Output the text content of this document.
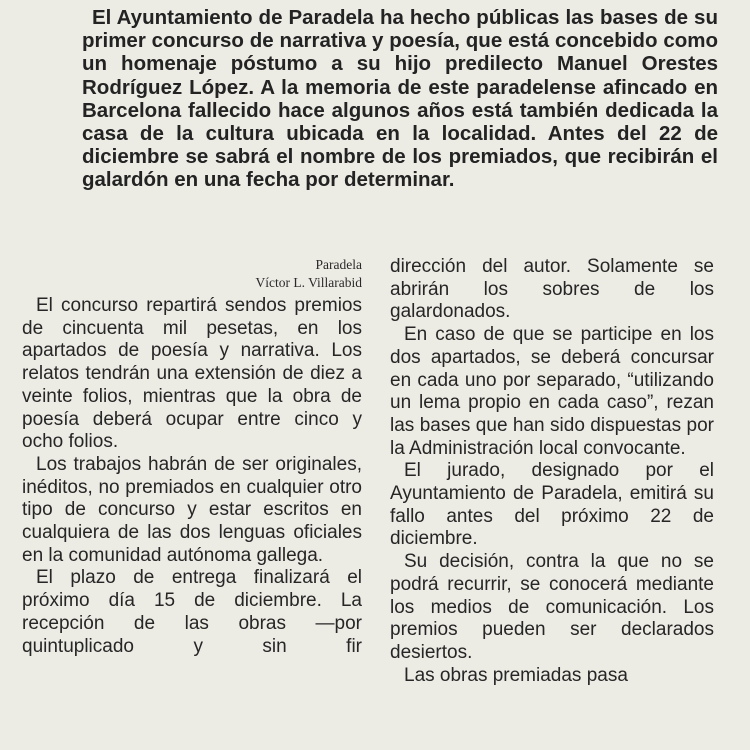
El Ayuntamiento de Paradela ha hecho públicas las bases de su primer concurso de narrativa y poesía, que está concebido como un homenaje póstumo a su hijo predilecto Manuel Orestes Rodríguez López. A la memoria de este paradelense afincado en Barcelona fallecido hace algunos años está también dedicada la casa de la cultura ubicada en la localidad. Antes del 22 de diciembre se sabrá el nombre de los premiados, que recibirán el galardón en una fecha por determinar.
Paradela
Víctor L. Villarabid

El concurso repartirá sendos premios de cincuenta mil pesetas, en los apartados de poesía y narrativa. Los relatos tendrán una extensión de diez a veinte folios, mientras que la obra de poesía deberá ocupar entre cinco y ocho folios.

Los trabajos habrán de ser originales, inéditos, no premiados en cualquier otro tipo de concurso y estar escritos en cualquiera de las dos lenguas oficiales en la comunidad autónoma gallega.

El plazo de entrega finalizará el próximo día 15 de diciembre. La recepción de las obras —por quintuplicado y sin fir

dirección del autor. Solamente se abrirán los sobres de los galardonados.

En caso de que se participe en los dos apartados, se deberá concursar en cada uno por separado, “utilizando un lema propio en cada caso”, rezan las bases que han sido dispuestas por la Administración local convocante.

El jurado, designado por el Ayuntamiento de Paradela, emitirá su fallo antes del próximo 22 de diciembre.

Su decisión, contra la que no se podrá recurrir, se conocerá mediante los medios de comunicación. Los premios pueden ser declarados desiertos.

Las obras premiadas pasa
